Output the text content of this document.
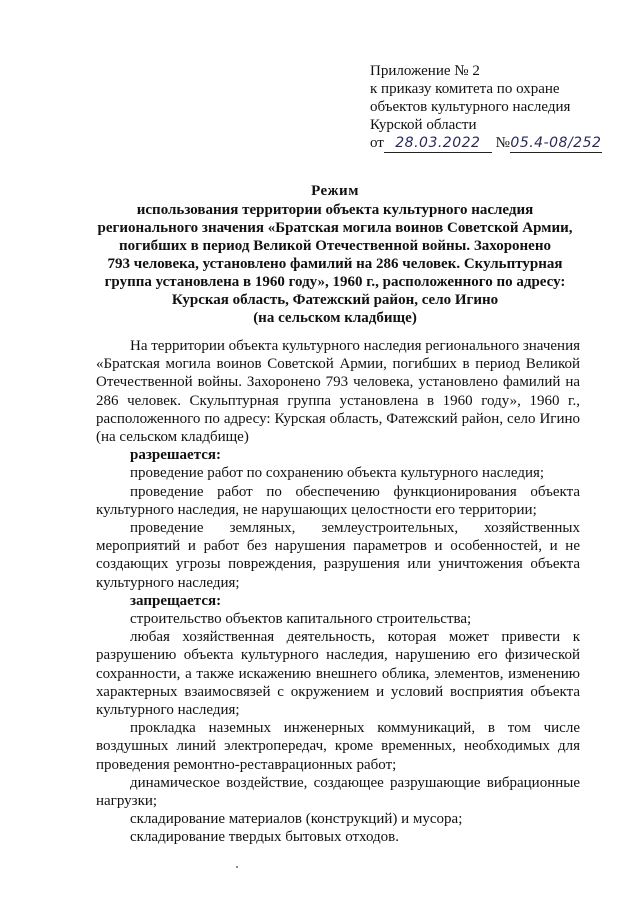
Приложение № 2
к приказу комитета по охране
объектов культурного наследия
Курской области
от 28.03.2022 №05.4-08/252
Режим
использования территории объекта культурного наследия
регионального значения «Братская могила воинов Советской Армии,
погибших в период Великой Отечественной войны. Захоронено
793 человека, установлено фамилий на 286 человек. Скульптурная
группа установлена в 1960 году», 1960 г., расположенного по адресу:
Курская область, Фатежский район, село Игино
(на сельском кладбище)

На территории объекта культурного наследия регионального значения «Братская могила воинов Советской Армии, погибших в период Великой Отечественной войны. Захоронено 793 человека, установлено фамилий на 286 человек. Скульптурная группа установлена в 1960 году», 1960 г., расположенного по адресу: Курская область, Фатежский район, село Игино (на сельском кладбище)

разрешается:

проведение работ по сохранению объекта культурного наследия;

проведение работ по обеспечению функционирования объекта культурного наследия, не нарушающих целостности его территории;

проведение земляных, землеустроительных, хозяйственных мероприятий и работ без нарушения параметров и особенностей, и не создающих угрозы повреждения, разрушения или уничтожения объекта культурного наследия;

запрещается:

строительство объектов капитального строительства;

любая хозяйственная деятельность, которая может привести к разрушению объекта культурного наследия, нарушению его физической сохранности, а также искажению внешнего облика, элементов, изменению характерных взаимосвязей с окружением и условий восприятия объекта культурного наследия;

прокладка наземных инженерных коммуникаций, в том числе воздушных линий электропередач, кроме временных, необходимых для проведения ремонтно-реставрационных работ;

динамическое воздействие, создающее разрушающие вибрационные нагрузки;

складирование материалов (конструкций) и мусора;

складирование твердых бытовых отходов.
